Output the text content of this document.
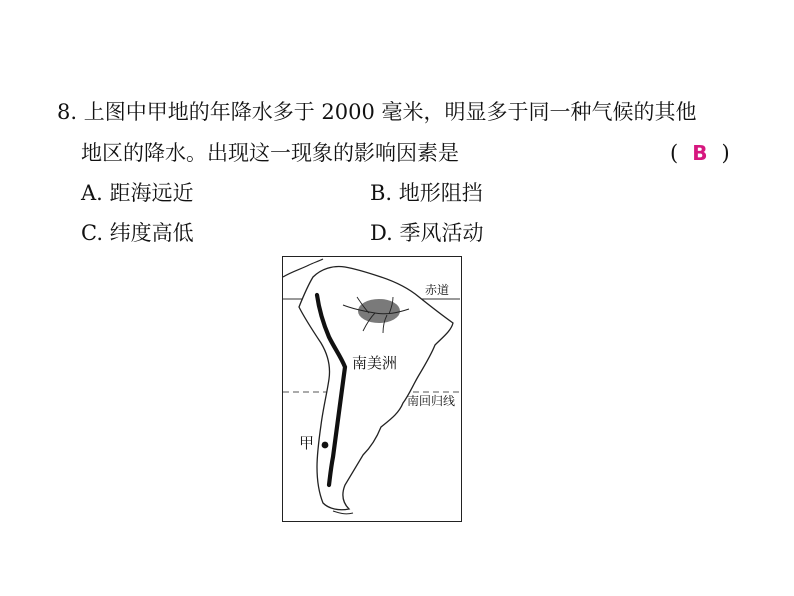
8. 上图中甲地的年降水多于 2000 毫米，明显多于同一种气候的其他
地区的降水。出现这一现象的影响因素是	( B )
A. 距海远近	B. 地形阻挡
C. 纬度高低	D. 季风活动
赤道
南美洲
南回归线
甲
